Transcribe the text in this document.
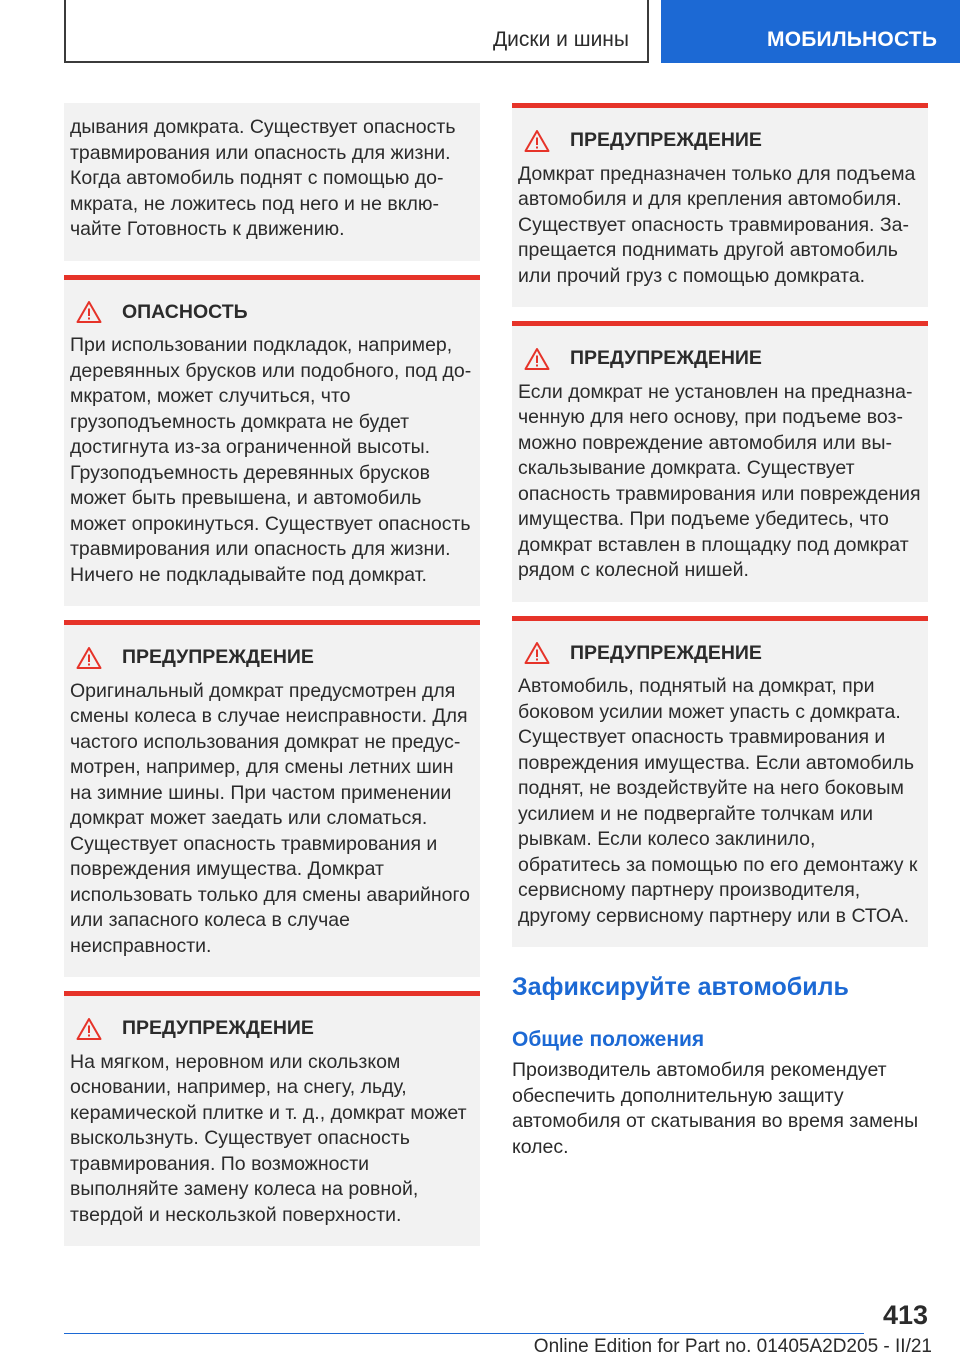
Диски и шины	МОБИЛЬНОСТЬ

дывания домкрата. Существует опасность травмирования или опасность для жизни. Когда автомобиль поднят с помощью домкрата, не ложитесь под него и не включайте Готовность к движению.

ОПАСНОСТЬ

При использовании подкладок, например, деревянных брусков или подобного, под домкратом, может случиться, что грузоподъемность домкрата не будет достигнута из-за ограниченной высоты. Грузоподъемность деревянных брусков может быть превышена, и автомобиль может опрокинуться. Существует опасность травмирования или опасность для жизни. Ничего не подкладывайте под домкрат.

ПРЕДУПРЕЖДЕНИЕ

Оригинальный домкрат предусмотрен для смены колеса в случае неисправности. Для частого использования домкрат не предусмотрен, например, для смены летних шин на зимние шины. При частом применении домкрат может заедать или сломаться. Существует опасность травмирования и повреждения имущества. Домкрат использовать только для смены аварийного или запасного колеса в случае неисправности.

ПРЕДУПРЕЖДЕНИЕ

На мягком, неровном или скользком основании, например, на снегу, льду, керамической плитке и т. д., домкрат может выскользнуть. Существует опасность травмирования. По возможности выполняйте замену колеса на ровной, твердой и нескользкой поверхности.

ПРЕДУПРЕЖДЕНИЕ

Домкрат предназначен только для подъема автомобиля и для крепления автомобиля. Существует опасность травмирования. Запрещается поднимать другой автомобиль или прочий груз с помощью домкрата.

ПРЕДУПРЕЖДЕНИЕ

Если домкрат не установлен на предназначенную для него основу, при подъеме возможно повреждение автомобиля или выскальзывание домкрата. Существует опасность травмирования или повреждения имущества. При подъеме убедитесь, что домкрат вставлен в площадку под домкрат рядом с колесной нишей.

ПРЕДУПРЕЖДЕНИЕ

Автомобиль, поднятый на домкрат, при боковом усилии может упасть с домкрата. Существует опасность травмирования и повреждения имущества. Если автомобиль поднят, не воздействуйте на него боковым усилием и не подвергайте толчкам или рывкам. Если колесо заклинило, обратитесь за помощью по его демонтажу к сервисному партнеру производителя, другому сервисному партнеру или в СТОА.

Зафиксируйте автомобиль
Общие положения

Производитель автомобиля рекомендует обеспечить дополнительную защиту автомобиля от скатывания во время замены колес.

413
Online Edition for Part no. 01405A2D205 - II/21
